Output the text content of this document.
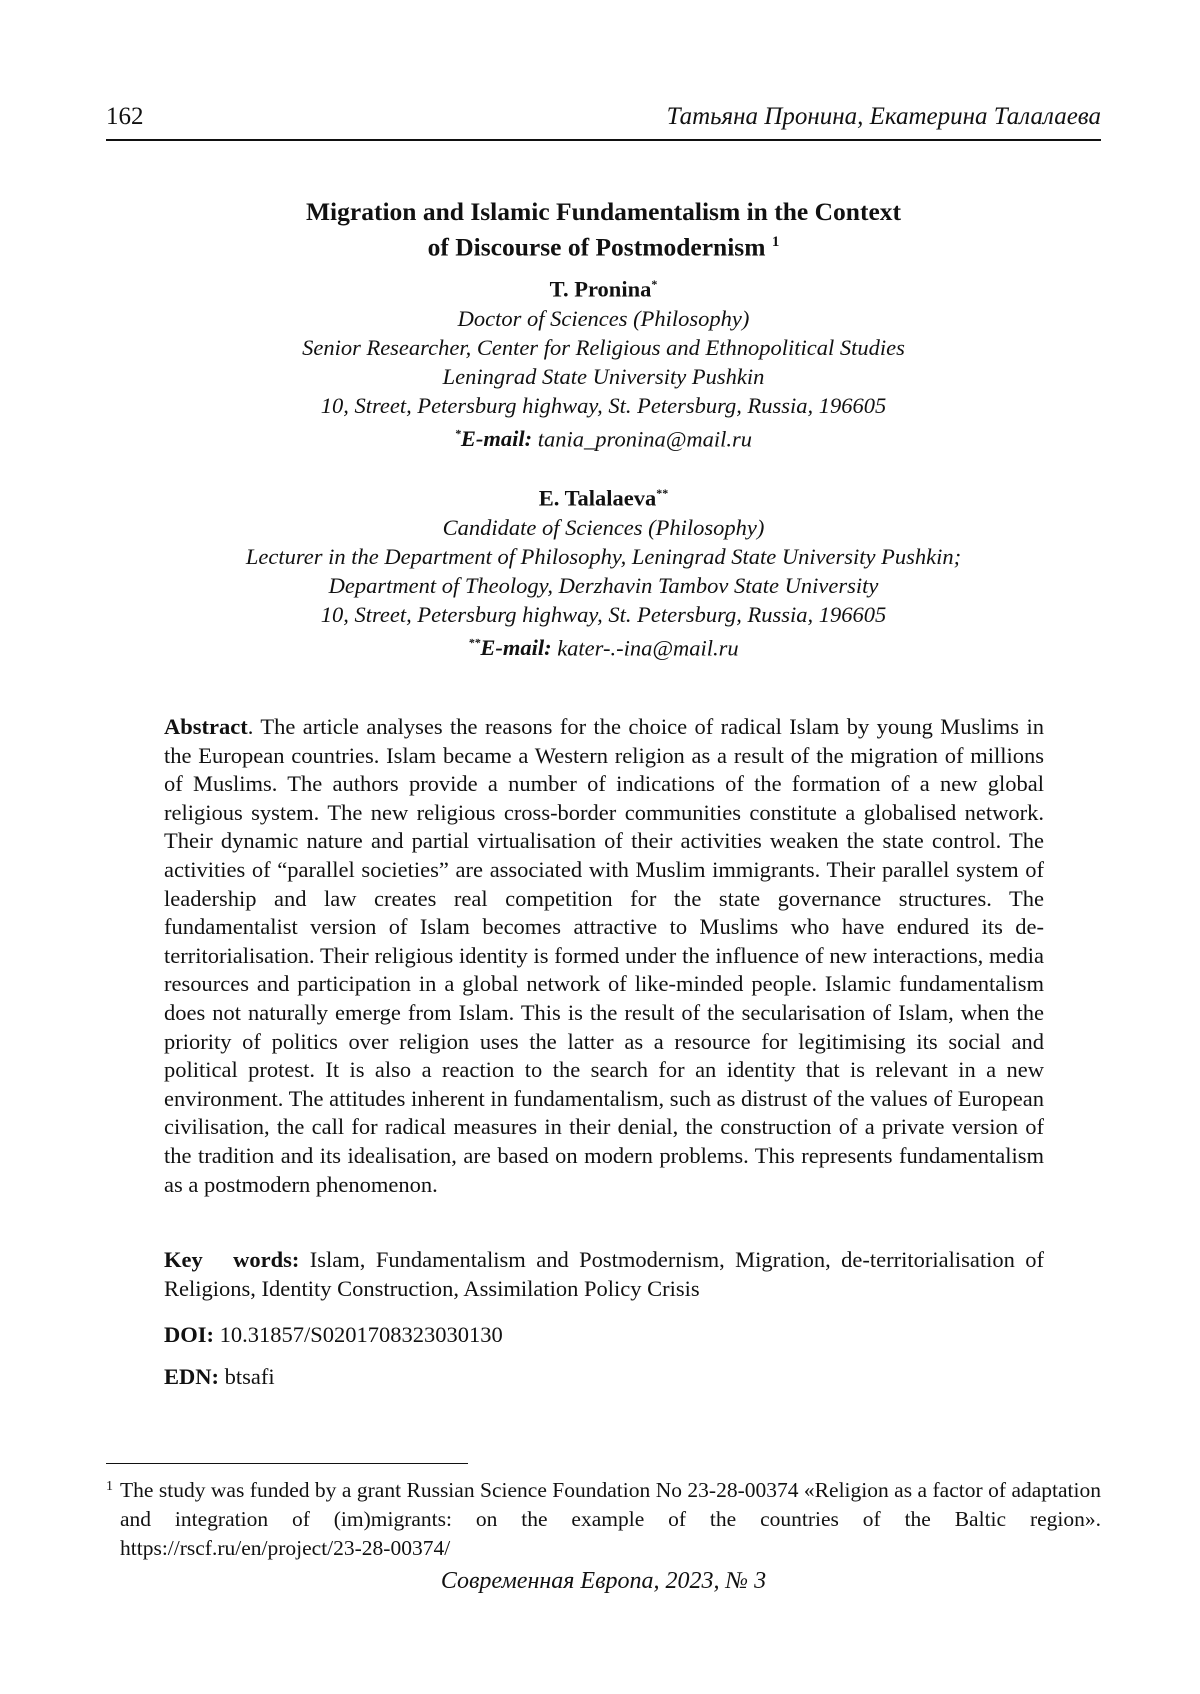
162	Татьяна Пронина, Екатерина Талалаева
Migration and Islamic Fundamentalism in the Context
of Discourse of Postmodernism $^1$
T. Pronina*
Doctor of Sciences (Philosophy)
Senior Researcher, Center for Religious and Ethnopolitical Studies
Leningrad State University Pushkin
10, Street, Petersburg highway, St. Petersburg, Russia, 196605
*E-mail: tania_pronina@mail.ru
E. Talalaeva**
Candidate of Sciences (Philosophy)
Lecturer in the Department of Philosophy, Leningrad State University Pushkin;
Department of Theology, Derzhavin Tambov State University
10, Street, Petersburg highway, St. Petersburg, Russia, 196605
**E-mail: kater-.-ina@mail.ru
Abstract. The article analyses the reasons for the choice of radical Islam by young Muslims in the European countries. Islam became a Western religion as a result of the migration of millions of Muslims. The authors provide a number of indications of the formation of a new global religious system. The new religious cross-border communities constitute a globalised network. Their dynamic nature and partial virtualisation of their activities weaken the state control. The activities of “parallel societies” are associated with Muslim immigrants. Their parallel system of leadership and law creates real competition for the state governance structures. The fundamentalist version of Islam becomes attractive to Muslims who have endured its de-territorialisation. Their religious identity is formed under the influence of new interactions, media resources and participation in a global network of like-minded people. Islamic fundamentalism does not naturally emerge from Islam. This is the result of the secularisation of Islam, when the priority of politics over religion uses the latter as a resource for legitimising its social and political protest. It is also a reaction to the search for an identity that is relevant in a new environment. The attitudes inherent in fundamentalism, such as distrust of the values of European civilisation, the call for radical measures in their denial, the construction of a private version of the tradition and its idealisation, are based on modern problems. This represents fundamentalism as a postmodern phenomenon.
Key words: Islam, Fundamentalism and Postmodernism, Migration, de-territorialisation of Religions, Identity Construction, Assimilation Policy Crisis
DOI: 10.31857/S0201708323030130
EDN: btsafi
1 The study was funded by a grant Russian Science Foundation No 23-28-00374 «Religion as a factor of adaptation and integration of (im)migrants: on the example of the countries of the Baltic region». https://rscf.ru/en/project/23-28-00374/
Современная Европа, 2023, № 3
